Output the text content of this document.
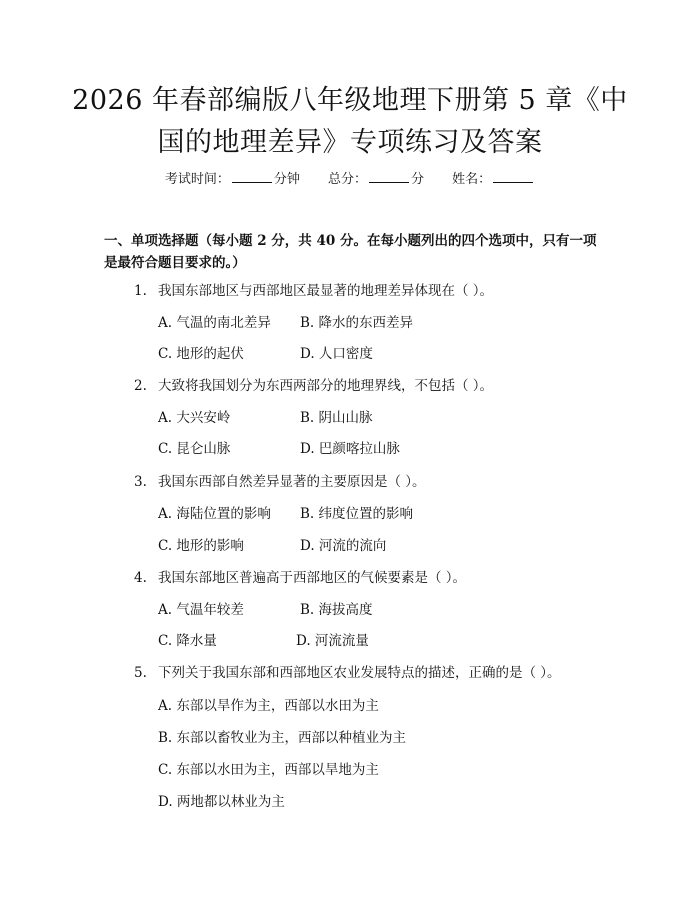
2026 年春部编版八年级地理下册第 5 章《中
国的地理差异》专项练习及答案
考试时间：	分钟 总分：	分 姓名：
一、单项选择题（每小题 2 分，共 40 分。在每小题列出的四个选项中，只有一项
是最符合题目要求的。）
1. 我国东部地区与西部地区最显著的地理差异体现在（ ）。
A. 气温的南北差异 B. 降水的东西差异
C. 地形的起伏	D. 人口密度
2. 大致将我国划分为东西两部分的地理界线，不包括（ ）。
A. 大兴安岭	B. 阴山山脉
C. 昆仑山脉	D. 巴颜喀拉山脉
3. 我国东西部自然差异显著的主要原因是（ ）。
A. 海陆位置的影响 B. 纬度位置的影响
C. 地形的影响	D. 河流的流向
4. 我国东部地区普遍高于西部地区的气候要素是（ ）。
A. 气温年较差	B. 海拔高度
C. 降水量	D. 河流流量
5. 下列关于我国东部和西部地区农业发展特点的描述，正确的是（ ）。
A. 东部以旱作为主，西部以水田为主
B. 东部以畜牧业为主，西部以种植业为主
C. 东部以水田为主，西部以旱地为主
D. 两地都以林业为主
